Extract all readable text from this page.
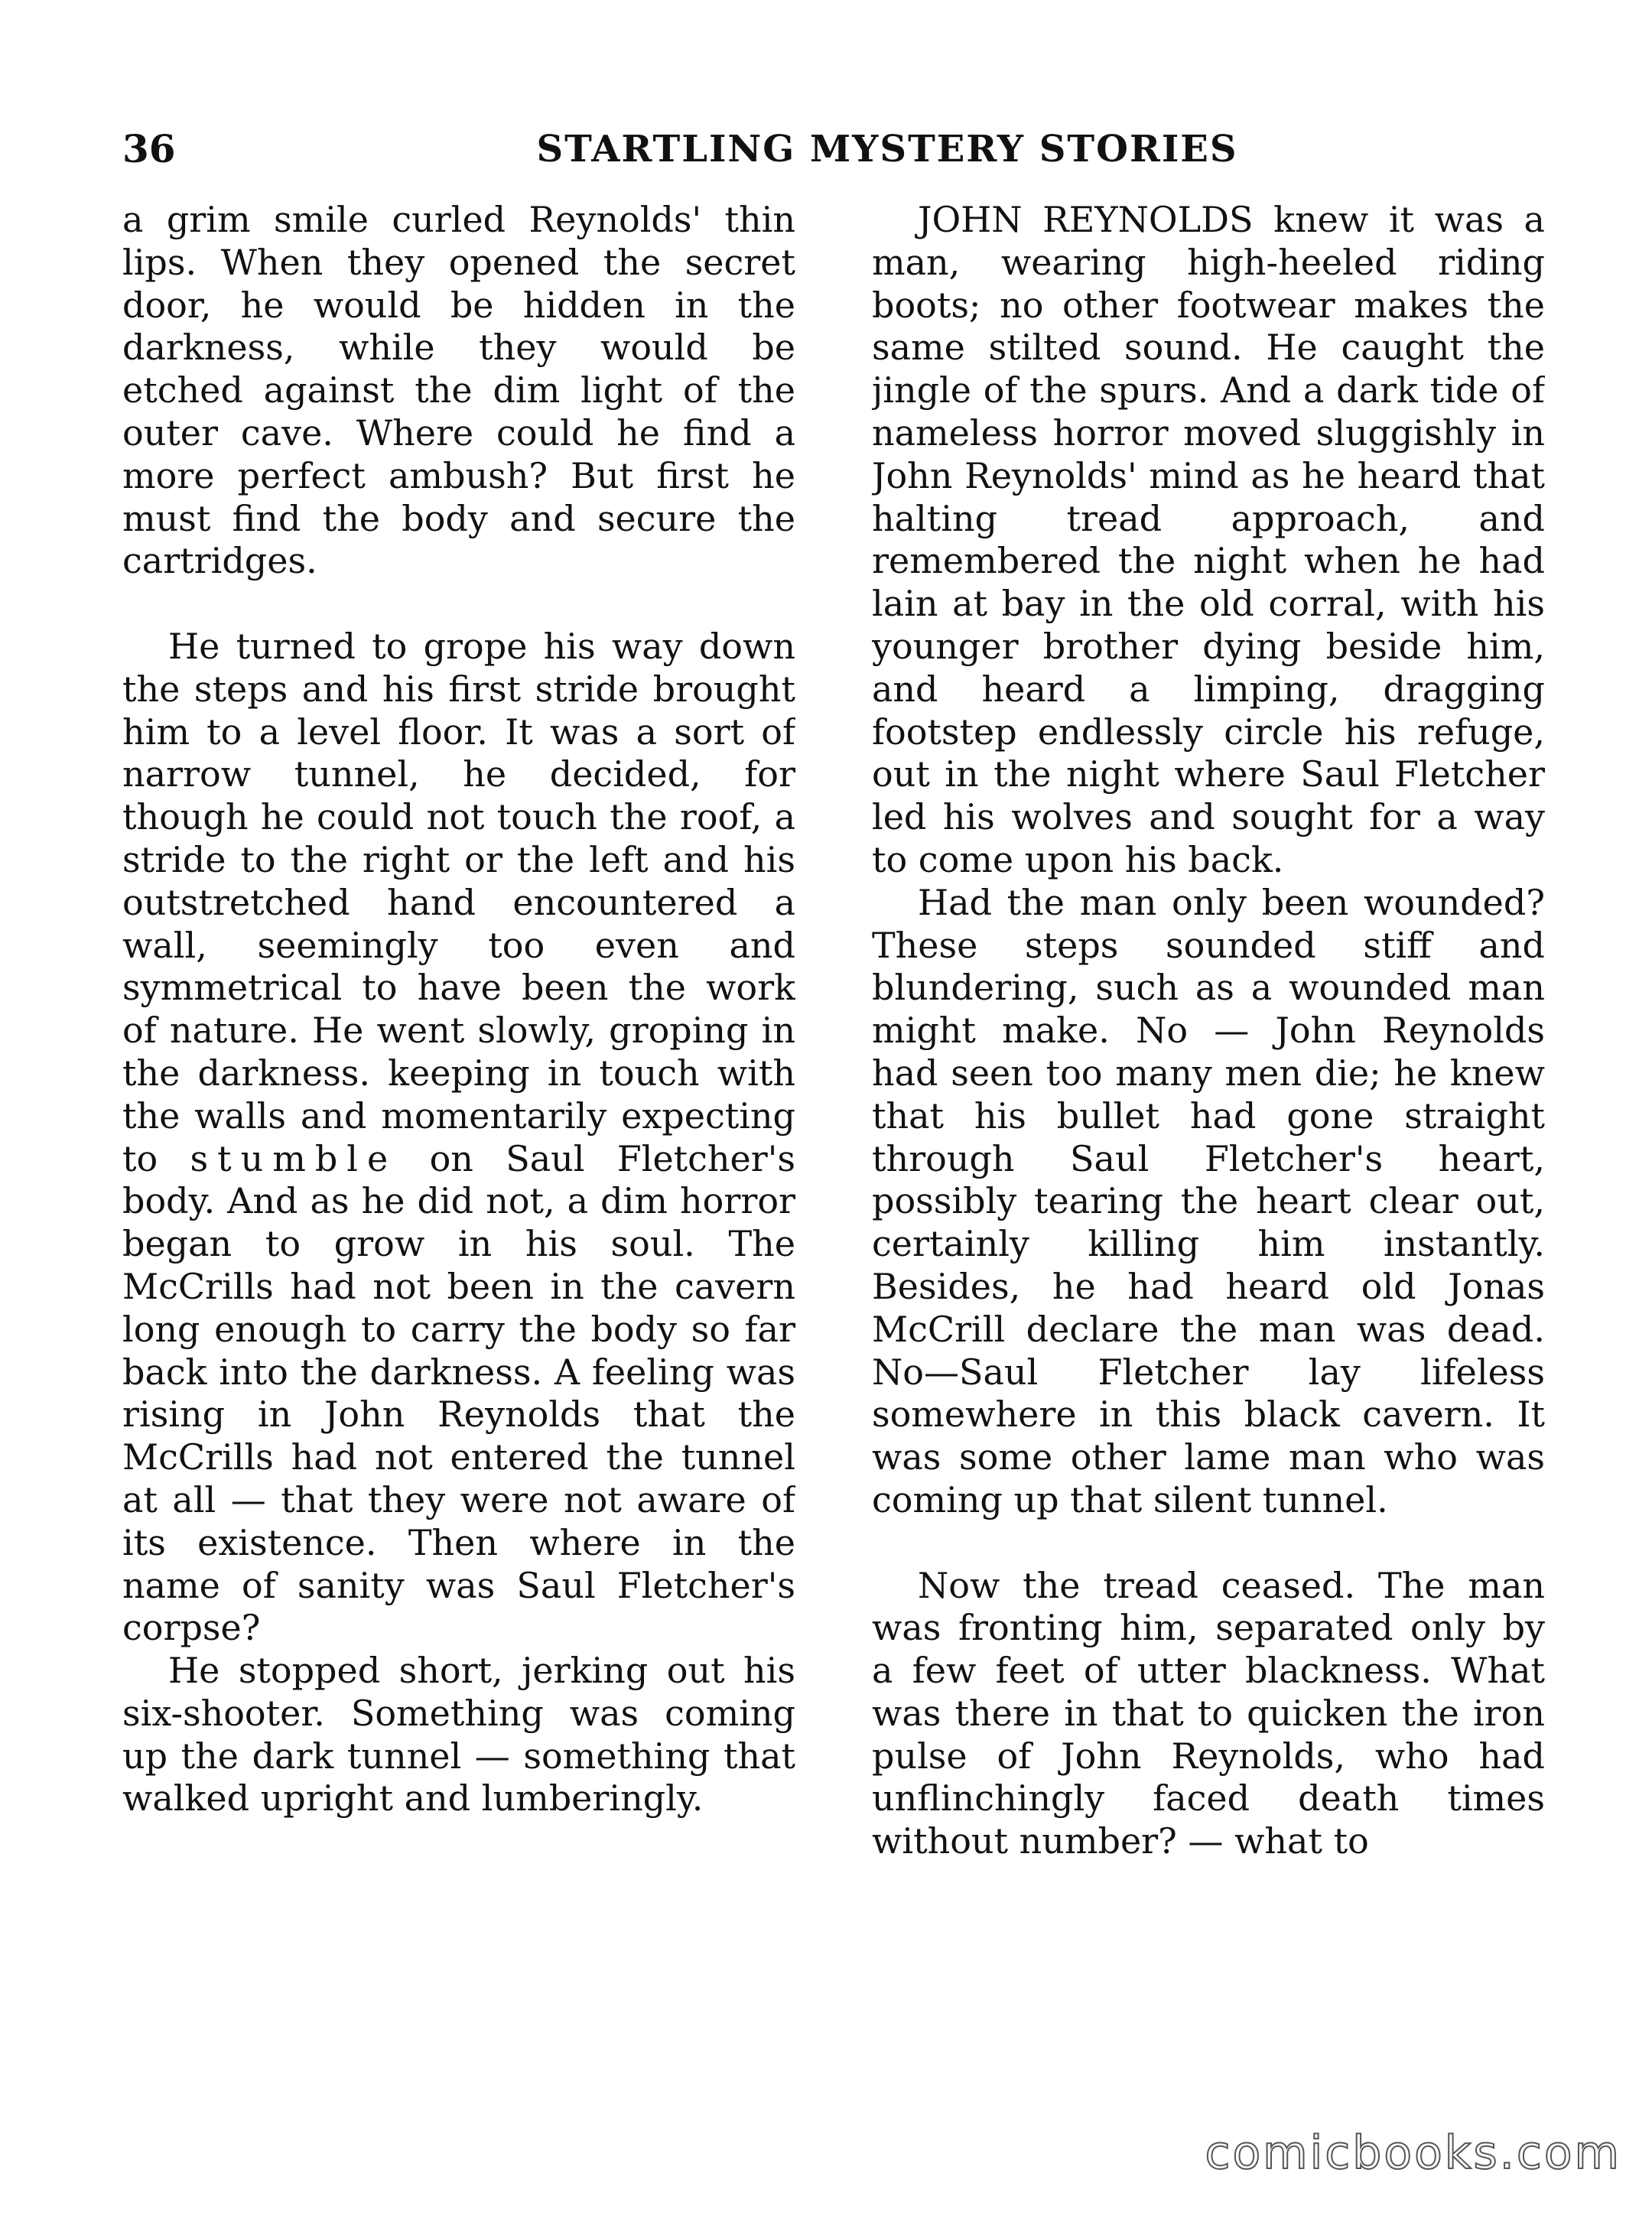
36	STARTLING MYSTERY STORIES

a grim smile curled Reynolds' thin lips. When they opened the secret door, he would be hidden in the darkness, while they would be etched against the dim light of the outer cave. Where could he find a more perfect ambush? But first he must find the body and secure the cartridges.

He turned to grope his way down the steps and his first stride brought him to a level floor. It was a sort of narrow tunnel, he decided, for though he could not touch the roof, a stride to the right or the left and his outstretched hand encountered a wall, seemingly too even and symmetrical to have been the work of nature. He went slowly, groping in the darkness. keeping in touch with the walls and momentarily expecting to stumble on Saul Fletcher's body. And as he did not, a dim horror began to grow in his soul. The McCrills had not been in the cavern long enough to carry the body so far back into the darkness. A feeling was rising in John Reynolds that the McCrills had not entered the tunnel at all — that they were not aware of its existence. Then where in the name of sanity was Saul Fletcher's corpse?

He stopped short, jerking out his six-shooter. Something was coming up the dark tunnel — something that walked upright and lumberingly.

JOHN REYNOLDS knew it was a man, wearing high-heeled riding boots; no other footwear makes the same stilted sound. He caught the jingle of the spurs. And a dark tide of nameless horror moved sluggishly in John Reynolds' mind as he heard that halting tread approach, and remembered the night when he had lain at bay in the old corral, with his younger brother dying beside him, and heard a limping, dragging footstep endlessly circle his refuge, out in the night where Saul Fletcher led his wolves and sought for a way to come upon his back.

Had the man only been wounded? These steps sounded stiff and blundering, such as a wounded man might make. No — John Reynolds had seen too many men die; he knew that his bullet had gone straight through Saul Fletcher's heart, possibly tearing the heart clear out, certainly killing him instantly. Besides, he had heard old Jonas McCrill declare the man was dead. No—Saul Fletcher lay lifeless somewhere in this black cavern. It was some other lame man who was coming up that silent tunnel.

Now the tread ceased. The man was fronting him, separated only by a few feet of utter blackness. What was there in that to quicken the iron pulse of John Reynolds, who had unflinchingly faced death times without number? — what to

comicbooks.com
